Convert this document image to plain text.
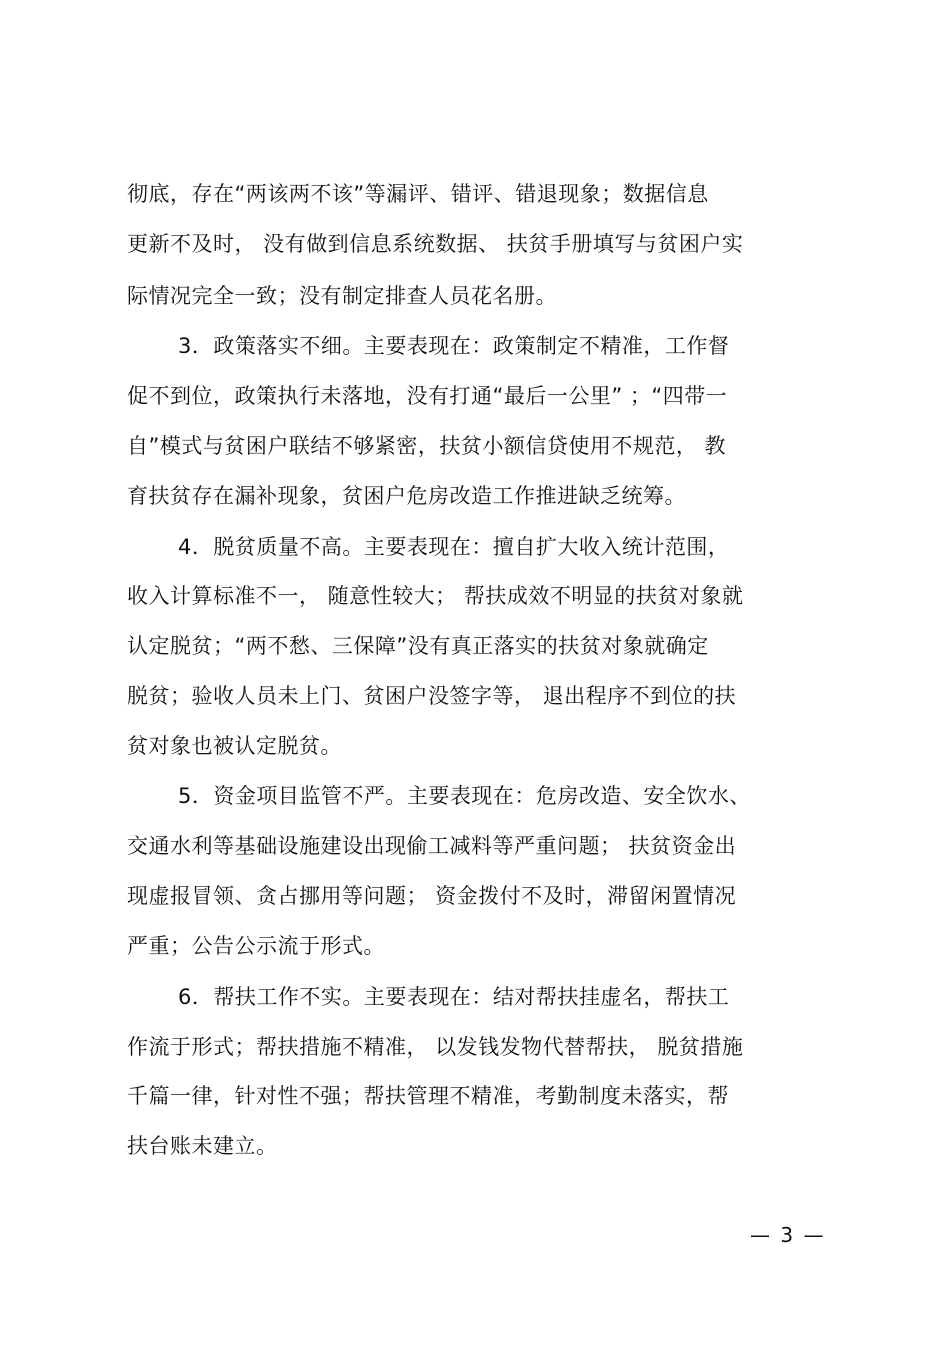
彻底，存在“两该两不该”等漏评、错评、错退现象；数据信息
更新不及时， 没有做到信息系统数据、 扶贫手册填写与贫困户实
际情况完全一致；没有制定排查人员花名册。
3．政策落实不细。主要表现在：政策制定不精准，工作督
促不到位，政策执行未落地，没有打通“最后一公里” ；“四带一
自”模式与贫困户联结不够紧密，扶贫小额信贷使用不规范， 教
育扶贫存在漏补现象，贫困户危房改造工作推进缺乏统筹。
4．脱贫质量不高。主要表现在：擅自扩大收入统计范围，
收入计算标准不一， 随意性较大； 帮扶成效不明显的扶贫对象就
认定脱贫；“两不愁、三保障”没有真正落实的扶贫对象就确定
脱贫；验收人员未上门、贫困户没签字等， 退出程序不到位的扶
贫对象也被认定脱贫。
5．资金项目监管不严。主要表现在：危房改造、安全饮水、
交通水利等基础设施建设出现偷工减料等严重问题； 扶贫资金出
现虚报冒领、贪占挪用等问题； 资金拨付不及时，滞留闲置情况
严重；公告公示流于形式。
6．帮扶工作不实。主要表现在：结对帮扶挂虚名，帮扶工
作流于形式；帮扶措施不精准， 以发钱发物代替帮扶， 脱贫措施
千篇一律，针对性不强；帮扶管理不精准，考勤制度未落实，帮
扶台账未建立。
— 3 —
